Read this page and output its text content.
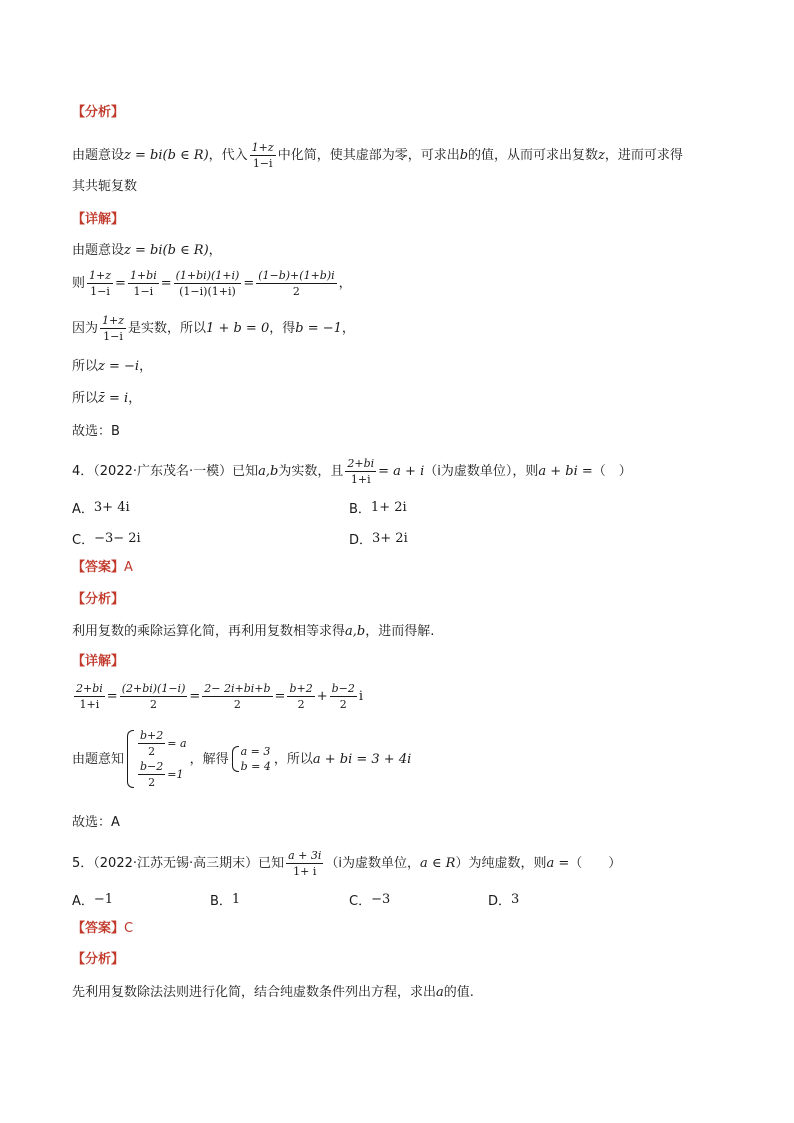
【分析】
由题意设 z = bi(b ∈ R) ，代入 $\frac{1+z}{1-i}$ 中化简，使其虚部为零，可求出 b 的值，从而可求出复数 z ，进而可求得
其共轭复数
【详解】
由题意设 z = bi(b ∈ R) ，
则 $\frac{1+z}{1-i} = \frac{1+bi}{1-i} = \frac{(1+bi)(1+i)}{(1-i)(1+i)} = \frac{(1-b)+(1+b)i}{2}$ ，
因为 $\frac{1+z}{1-i}$ 是实数，所以 1 + b = 0 ，得 b = −1 ，
所以 z = −i ，
所以 z̄ = i ，
故选：B
4．（2022·广东茂名·一模）已知 a,b 为实数，且 $\frac{2+bi}{1+i} = a + i$ （i为虚数单位），则 a + bi = （　）
A． 3+ 4i	B． 1+ 2i
C． −3− 2i	D． 3+ 2i
【答案】 A
【分析】
利用复数的乘除运算化简，再利用复数相等求得 a,b ，进而得解.
【详解】
$\frac{2+bi}{1+i} = \frac{(2+bi)(1-i)}{2} = \frac{2- 2i+bi+b}{2} = \frac{b+2}{2} + \frac{b-2}{2}$ i
由题意知
$\frac{b+2}{2} = a$
$\frac{b-2}{2} =1$
，解得 a = 3
b = 4 ，所以 a + bi = 3 + 4i
故选：A
5．（2022·江苏无锡·高三期末）已知 $\frac{a + 3i}{1+ i} (i$为虚数单位， a ∈ R ）为纯虚数，则 a = （　　）
A． −1	B． 1	C． −3	D． 3
【答案】 C
【分析】
先利用复数除法法则进行化简，结合纯虚数条件列出方程，求出 a 的值.
